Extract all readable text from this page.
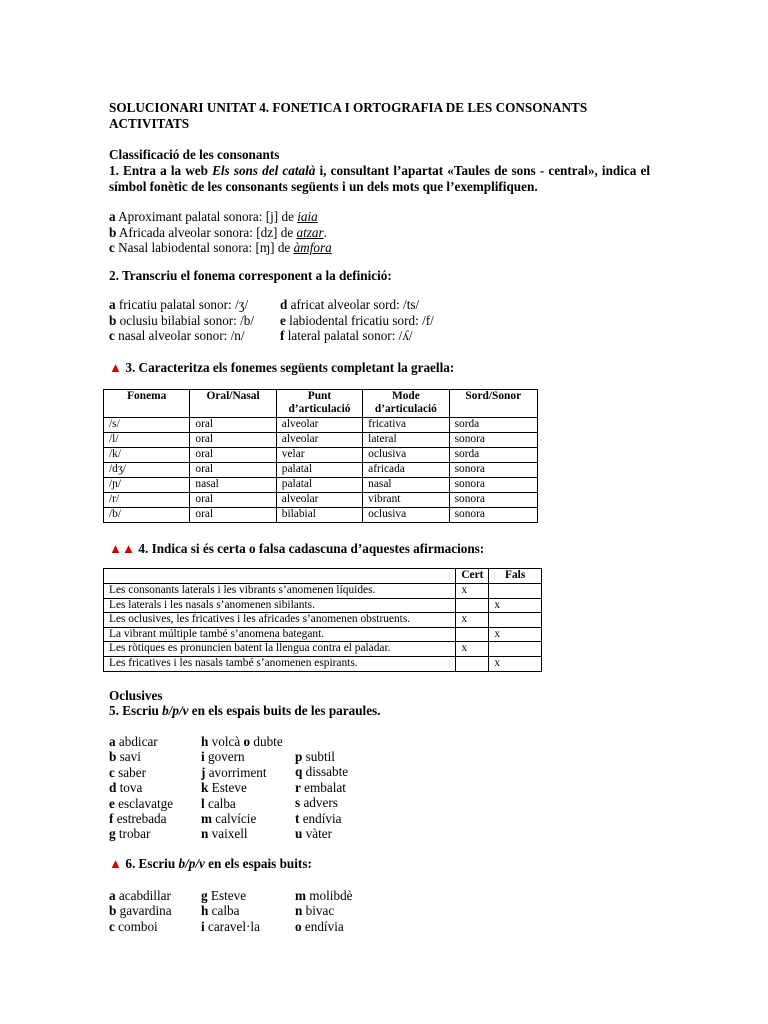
SOLUCIONARI UNITAT 4. FONETICA I ORTOGRAFIA DE LES CONSONANTS
ACTIVITATS
Classificació de les consonants
1. Entra a la web Els sons del català i, consultant l’apartat «Taules de sons - central», indica el símbol fonètic de les consonants següents i un dels mots que l’exemplifiquen.
a Aproximant palatal sonora: [j] de iaia
b Africada alveolar sonora: [dz] de atzar.
c Nasal labiodental sonora: [ɱ] de àmfora
2. Transcriu el fonema corresponent a la definició:
a fricatiu palatal sonor: /ʒ/
b oclusiu bilabial sonor: /b/
c nasal alveolar sonor: /n/
d africat alveolar sord: /ts/
e labiodental fricatiu sord: /f/
f lateral palatal sonor: /ʎ/
▲ 3. Caracteritza els fonemes següents completant la graella:
Fonema	Oral/Nasal	Punt d’articulació	Mode d’articulació	Sord/Sonor
/s/	oral	alveolar	fricativa	sorda
/l/	oral	alveolar	lateral	sonora
/k/	oral	velar	oclusiva	sorda
/dʒ/	oral	palatal	africada	sonora
/ɲ/	nasal	palatal	nasal	sonora
/r/	oral	alveolar	vibrant	sonora
/b/	oral	bilabial	oclusiva	sonora
▲▲ 4. Indica si és certa o falsa cadascuna d’aquestes afirmacions:
	Cert	Fals
Les consonants laterals i les vibrants s’anomenen líquides.	x	
Les laterals i les nasals s’anomenen sibilants.		x
Les oclusives, les fricatives i les africades s’anomenen obstruents.	x	
La vibrant múltiple també s’anomena bategant.		x
Les ròtiques es pronuncien batent la llengua contra el paladar.	x	
Les fricatives i les nasals també s’anomenen espirants.		x
Oclusives
5. Escriu b/p/v en els espais buits de les paraules.
a abdicar
b savi
c saber
d tova
e esclavatge
f estrebada
g trobar
h volcà o dubte
i govern
j avorriment
k Esteve
l calba
m calvície
n vaixell
p subtil
q dissabte
r embalat
s advers
t endívia
u vàter
▲ 6. Escriu b/p/v en els espais buits:
a acabdillar
b gavardina
c comboi
g Esteve
h calba
i caravel·la
m molibdè
n bivac
o endívia
